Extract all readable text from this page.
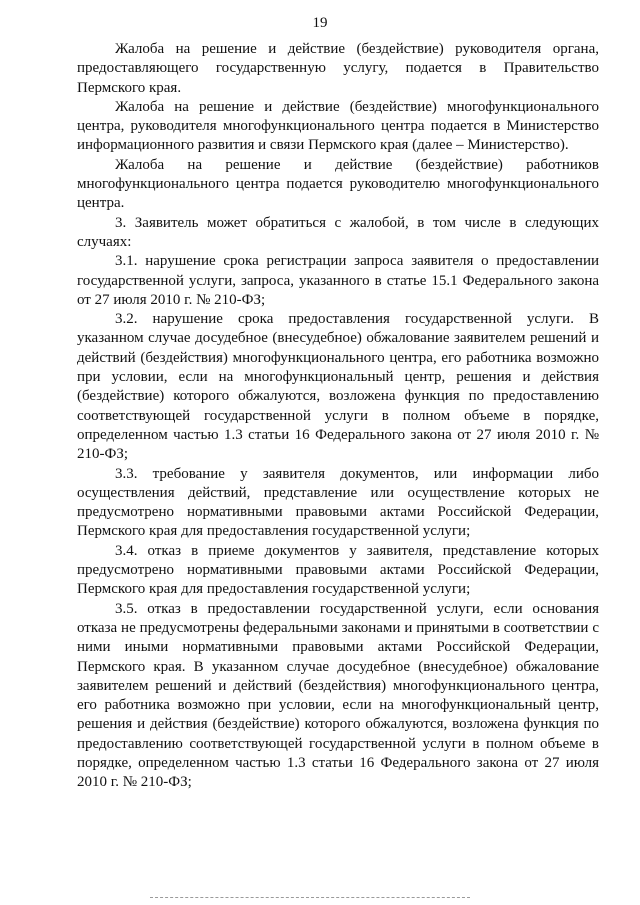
19

Жалоба на решение и действие (бездействие) руководителя органа, предоставляющего государственную услугу, подается в Правительство Пермского края.

Жалоба на решение и действие (бездействие) многофункционального центра, руководителя многофункционального центра подается в Министерство информационного развития и связи Пермского края (далее – Министерство).

Жалоба на решение и действие (бездействие) работников многофункционального центра подается руководителю многофункционального центра.

3. Заявитель может обратиться с жалобой, в том числе в следующих случаях:

3.1. нарушение срока регистрации запроса заявителя о предоставлении государственной услуги, запроса, указанного в статье 15.1 Федерального закона от 27 июля 2010 г. № 210-ФЗ;

3.2. нарушение срока предоставления государственной услуги. В указанном случае досудебное (внесудебное) обжалование заявителем решений и действий (бездействия) многофункционального центра, его работника возможно при условии, если на многофункциональный центр, решения и действия (бездействие) которого обжалуются, возложена функция по предоставлению соответствующей государственной услуги в полном объеме в порядке, определенном частью 1.3 статьи 16 Федерального закона от 27 июля 2010 г. № 210-ФЗ;

3.3. требование у заявителя документов, или информации либо осуществления действий, представление или осуществление которых не предусмотрено нормативными правовыми актами Российской Федерации, Пермского края для предоставления государственной услуги;

3.4. отказ в приеме документов у заявителя, представление которых предусмотрено нормативными правовыми актами Российской Федерации, Пермского края для предоставления государственной услуги;

3.5. отказ в предоставлении государственной услуги, если основания отказа не предусмотрены федеральными законами и принятыми в соответствии с ними иными нормативными правовыми актами Российской Федерации, Пермского края. В указанном случае досудебное (внесудебное) обжалование заявителем решений и действий (бездействия) многофункционального центра, его работника возможно при условии, если на многофункциональный центр, решения и действия (бездействие) которого обжалуются, возложена функция по предоставлению соответствующей государственной услуги в полном объеме в порядке, определенном частью 1.3 статьи 16 Федерального закона от 27 июля 2010 г. № 210-ФЗ;
